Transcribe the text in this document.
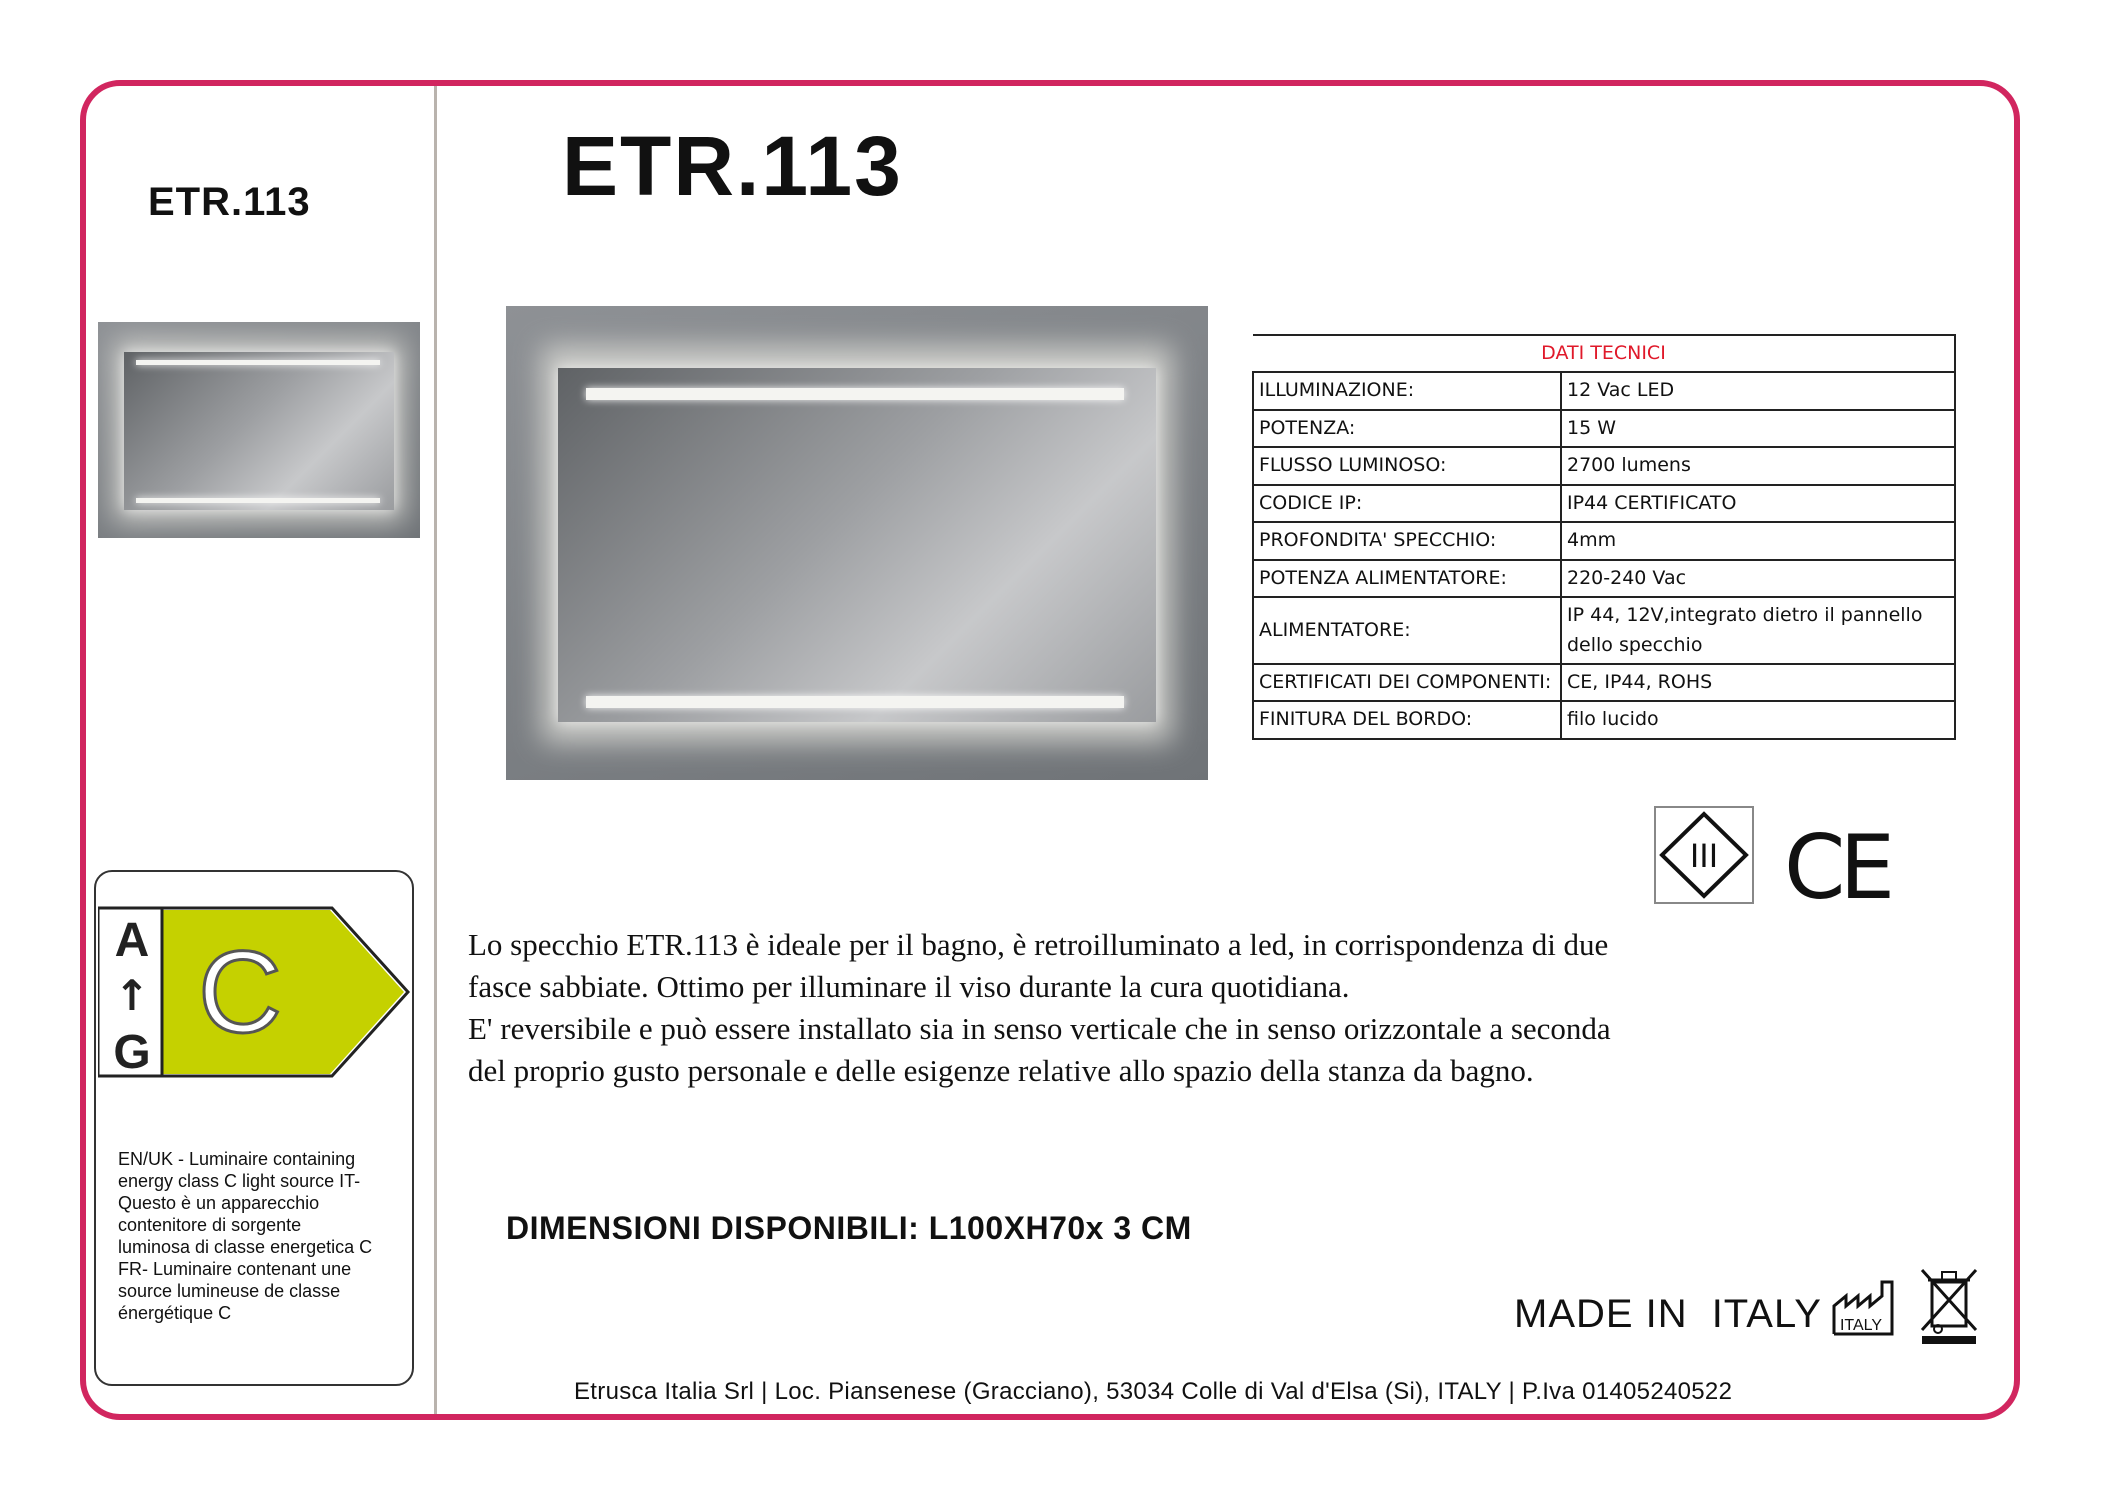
ETR.113
A
↑
G C
EN/UK - Luminaire containing
energy class C light source IT-
Questo è un apparecchio
contenitore di sorgente
luminosa di classe energetica C
FR- Luminaire contenant une
source lumineuse de classe
énergétique C
ETR.113
DATI TECNICI	
ILLUMINAZIONE:	12 Vac LED
POTENZA:	15 W
FLUSSO LUMINOSO:	2700 lumens
CODICE IP:	IP44 CERTIFICATO
PROFONDITA' SPECCHIO:	4mm
POTENZA ALIMENTATORE:	220-240 Vac
ALIMENTATORE:	IP 44, 12V,integrato dietro il pannello dello specchio
CERTIFICATI DEI COMPONENTI:	CE, IP44, ROHS
FINITURA DEL BORDO:	filo lucido
III CE

Lo specchio ETR.113 è ideale per il bagno, è retroilluminato a led, in corrispondenza di due

fasce sabbiate. Ottimo per illuminare il viso durante la cura quotidiana.

E' reversibile e può essere installato sia in senso verticale che in senso orizzontale a seconda

del proprio gusto personale e delle esigenze relative allo spazio della stanza da bagno.

DIMENSIONI DISPONIBILI: L100XH70x 3 CM
MADE IN ITALY ITALY
Etrusca Italia Srl | Loc. Piansenese (Gracciano), 53034 Colle di Val d'Elsa (Si), ITALY | P.Iva 01405240522
